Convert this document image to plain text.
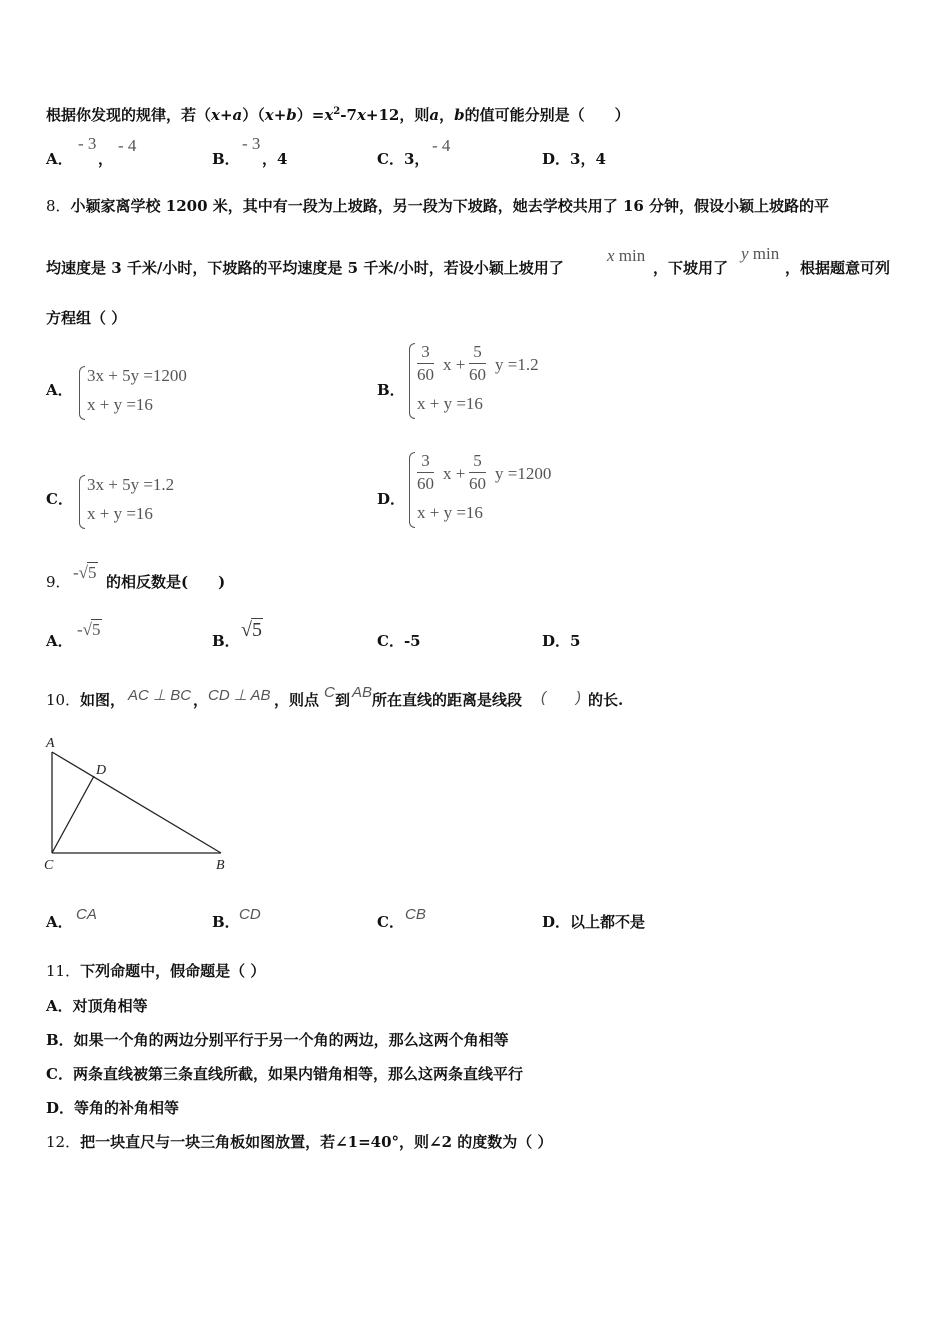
根据你发现的规律，若$(x+a)(x+b)=x^2-7x+12$，则a，b的值可能分别是（　　）
A．
- 3
，
- 4
B．
- 3
，4	C．3，
- 4
D．3，4
8．小颖家离学校 1200 米，其中有一段为上坡路，另一段为下坡路，她去学校共用了 16 分钟，假设小颖上坡路的平
均速度是 3 千米/小时，下坡路的平均速度是 5 千米/小时，若设小颖上坡用了
x min
，下坡用了
y min
，根据题意可列
方程组（ ）
A．
3x + 5y =1200
x + y =16
B．
3
60
x +
5
60
y =1.2
x + y =16
C．
3x + 5y =1.2
x + y =16
D．
3
60
x +
5
60
y =1200
x + y =16
9． -√5 的相反数是(　　)
A．
-√5
B． √5	C．-5	D．5
10． 如图， AC ⊥ BC ， CD ⊥ AB ，则点 C 到 AB 所在直线的距离是线段 (　　) 的长.
A
D
C	B
A． CA	B． CD	C． CB	D．以上都不是
11．下列命题中，假命题是（ ）
A．对顶角相等
B．如果一个角的两边分别平行于另一个角的两边，那么这两个角相等
C．两条直线被第三条直线所截，如果内错角相等，那么这两条直线平行
D．等角的补角相等
12．把一块直尺与一块三角板如图放置，若∠1=40°，则∠2 的度数为（ ）
